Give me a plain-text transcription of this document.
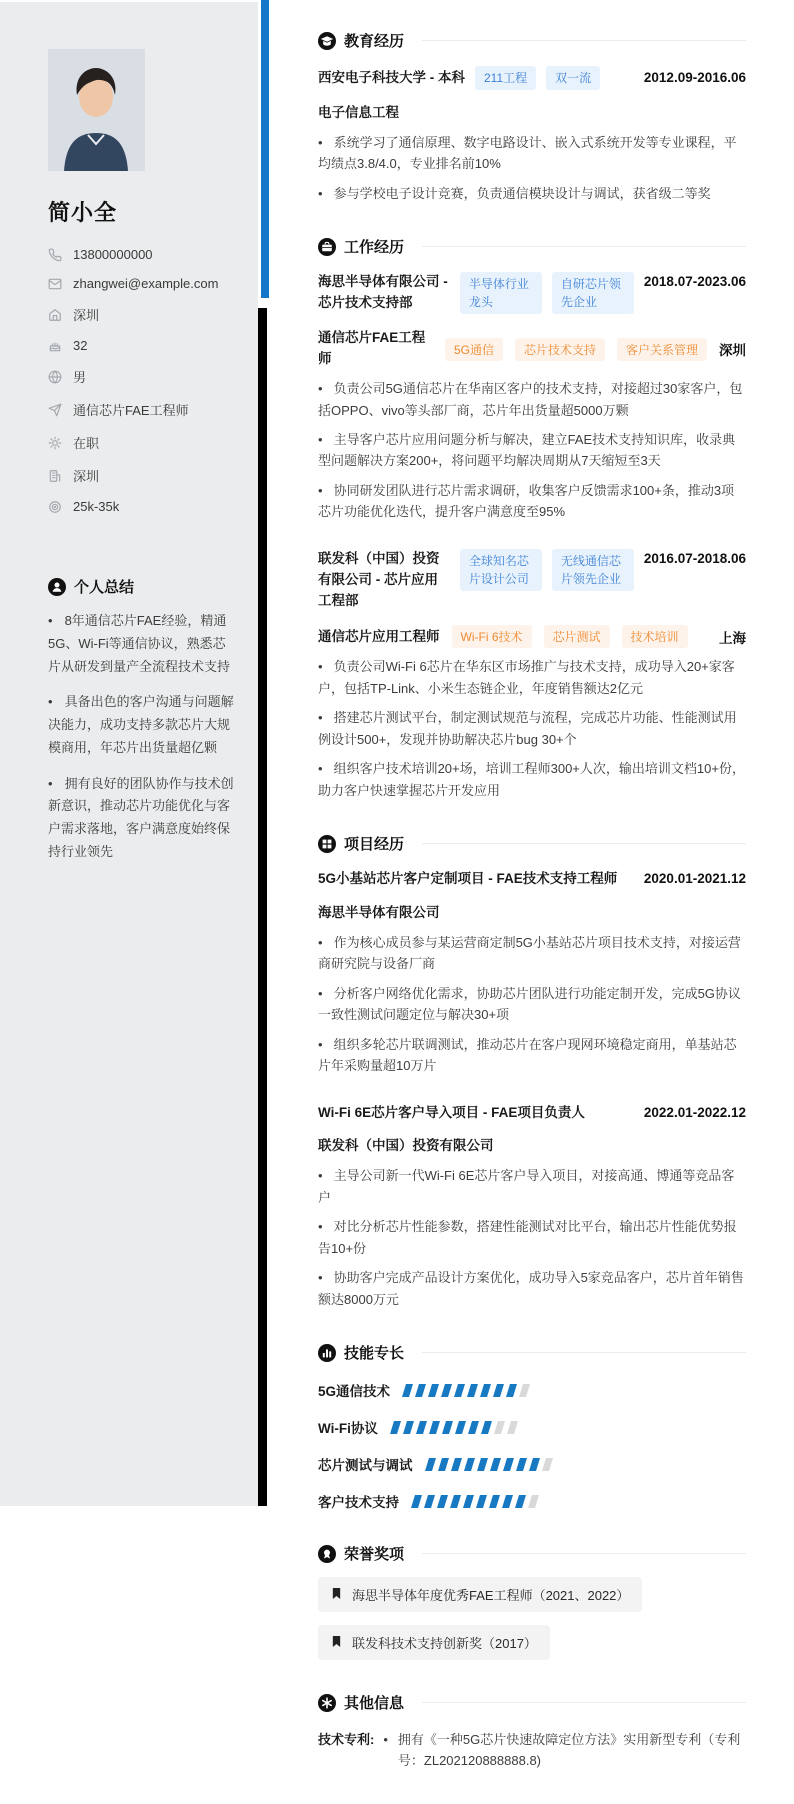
简小全
13800000000
zhangwei@example.com
深圳
32
男
通信芯片FAE工程师
在职
深圳
25k-35k
个人总结

• 8年通信芯片FAE经验，精通5G、Wi-Fi等通信协议，熟悉芯片从研发到量产全流程技术支持

• 具备出色的客户沟通与问题解决能力，成功支持多款芯片大规模商用，年芯片出货量超亿颗

• 拥有良好的团队协作与技术创新意识，推动芯片功能优化与客户需求落地，客户满意度始终保持行业领先

教育经历
西安电子科技大学 - 本科	211工程	双一流	2012.09-2016.06
电子信息工程

• 系统学习了通信原理、数字电路设计、嵌入式系统开发等专业课程，平均绩点3.8/4.0，专业排名前10%

• 参与学校电子设计竞赛，负责通信模块设计与调试，获省级二等奖

工作经历
海思半导体有限公司 - 芯片技术支持部
半导体行业龙头
自研芯片领先企业
2018.07-2023.06
通信芯片FAE工程师
5G通信	芯片技术支持	客户关系管理	深圳

• 负责公司5G通信芯片在华南区客户的技术支持，对接超过30家客户，包括OPPO、vivo等头部厂商，芯片年出货量超5000万颗

• 主导客户芯片应用问题分析与解决，建立FAE技术支持知识库，收录典型问题解决方案200+，将问题平均解决周期从7天缩短至3天

• 协同研发团队进行芯片需求调研，收集客户反馈需求100+条，推动3项芯片功能优化迭代，提升客户满意度至95%

联发科（中国）投资有限公司 - 芯片应用工程部
全球知名芯片设计公司
无线通信芯片领先企业
2016.07-2018.06
通信芯片应用工程师	Wi-Fi 6技术	芯片测试	技术培训	上海

• 负责公司Wi-Fi 6芯片在华东区市场推广与技术支持，成功导入20+家客户，包括TP-Link、小米生态链企业，年度销售额达2亿元

• 搭建芯片测试平台，制定测试规范与流程，完成芯片功能、性能测试用例设计500+，发现并协助解决芯片bug 30+个

• 组织客户技术培训20+场，培训工程师300+人次，输出培训文档10+份，助力客户快速掌握芯片开发应用

项目经历
5G小基站芯片客户定制项目 - FAE技术支持工程师 2020.01-2021.12
海思半导体有限公司

• 作为核心成员参与某运营商定制5G小基站芯片项目技术支持，对接运营商研究院与设备厂商

• 分析客户网络优化需求，协助芯片团队进行功能定制开发，完成5G协议一致性测试问题定位与解决30+项

• 组织多轮芯片联调测试，推动芯片在客户现网环境稳定商用，单基站芯片年采购量超10万片

Wi-Fi 6E芯片客户导入项目 - FAE项目负责人	2022.01-2022.12
联发科（中国）投资有限公司

• 主导公司新一代Wi-Fi 6E芯片客户导入项目，对接高通、博通等竞品客户

• 对比分析芯片性能参数，搭建性能测试对比平台，输出芯片性能优势报告10+份

• 协助客户完成产品设计方案优化，成功导入5家竞品客户，芯片首年销售额达8000万元

技能专长
5G通信技术
Wi-Fi协议
芯片测试与调试
客户技术支持
荣誉奖项
海思半导体年度优秀FAE工程师（2021、2022）
联发科技术支持创新奖（2017）
其他信息
技术专利: • 拥有《一种5G芯片快速故障定位方法》实用新型专利（专利号：ZL202120888888.8)
